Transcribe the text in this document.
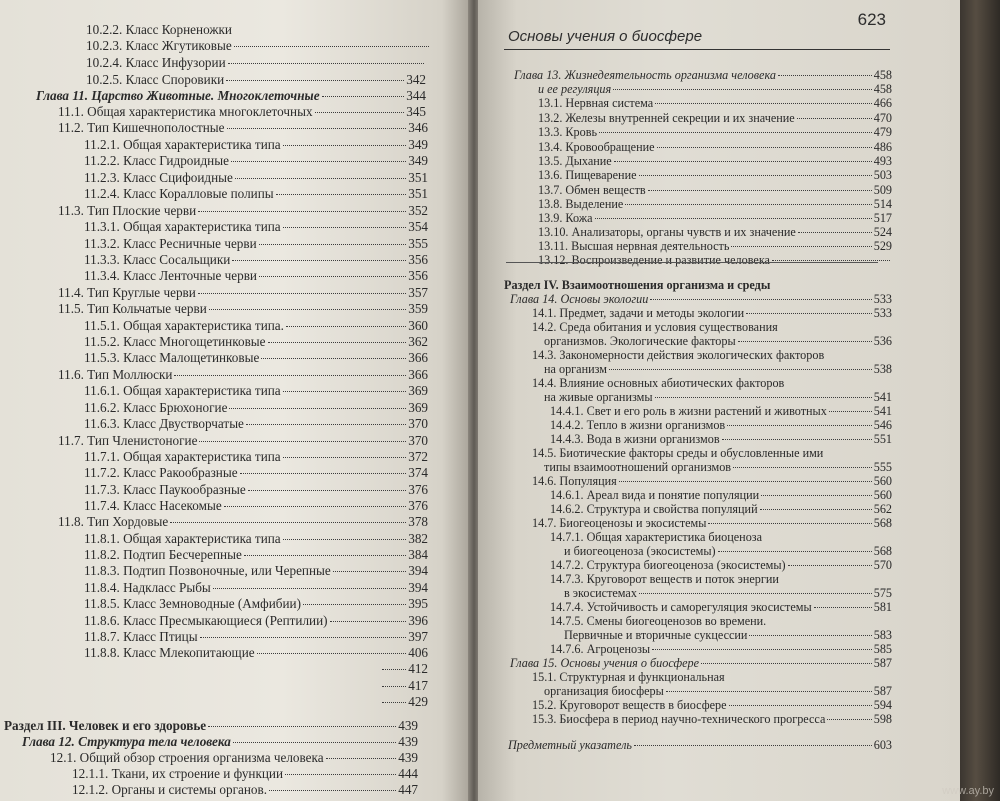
10.2.2. Класс Корненожки
10.2.3. Класс Жгутиковые
10.2.4. Класс Инфузории
10.2.5. Класс Споровики	342
Глава 11. Царство Животные. Многоклеточные	344
11.1. Общая характеристика многоклеточных	345
11.2. Тип Кишечнополостные	346
11.2.1. Общая характеристика типа	349
11.2.2. Класс Гидроидные	349
11.2.3. Класс Сцифоидные	351
11.2.4. Класс Коралловые полипы	351
11.3. Тип Плоские черви	352
11.3.1. Общая характеристика типа	354
11.3.2. Класс Ресничные черви	355
11.3.3. Класс Сосальщики	356
11.3.4. Класс Ленточные черви	356
11.4. Тип Круглые черви	357
11.5. Тип Кольчатые черви	359
11.5.1. Общая характеристика типа.	360
11.5.2. Класс Многощетинковые	362
11.5.3. Класс Малощетинковые	366
11.6. Тип Моллюски	366
11.6.1. Общая характеристика типа	369
11.6.2. Класс Брюхоногие	369
11.6.3. Класс Двустворчатые	370
11.7. Тип Членистоногие	370
11.7.1. Общая характеристика типа	372
11.7.2. Класс Ракообразные	374
11.7.3. Класс Паукообразные	376
11.7.4. Класс Насекомые	376
11.8. Тип Хордовые	378
11.8.1. Общая характеристика типа	382
11.8.2. Подтип Бесчерепные	384
11.8.3. Подтип Позвоночные, или Черепные	394
11.8.4. Надкласс Рыбы	394
11.8.5. Класс Земноводные (Амфибии)	395
11.8.6. Класс Пресмыкающиеся (Рептилии)	396
11.8.7. Класс Птицы	397
11.8.8. Класс Млекопитающие	406
412
417
429
Раздел III. Человек и его здоровье	439
Глава 12. Структура тела человека	439
12.1. Общий обзор строения организма человека	439
12.1.1. Ткани, их строение и функции	444
12.1.2. Органы и системы органов.	447
Основы учения о биосфере
623
Глава 13. Жизнедеятельность организма человека	458
и ее регуляция	458
13.1. Нервная система	466
13.2. Железы внутренней секреции и их значение	470
13.3. Кровь	479
13.4. Кровообращение	486
13.5. Дыхание	493
13.6. Пищеварение	503
13.7. Обмен веществ	509
13.8. Выделение	514
13.9. Кожа	517
13.10. Анализаторы, органы чувств и их значение	524
13.11. Высшая нервная деятельность	529
13.12. Воспроизведение и развитие человека
Раздел IV. Взаимоотношения организма и среды
Глава 14. Основы экологии	533
14.1. Предмет, задачи и методы экологии	533
14.2. Среда обитания и условия существования
организмов. Экологические факторы	536
14.3. Закономерности действия экологических факторов
на организм	538
14.4. Влияние основных абиотических факторов
на живые организмы	541
14.4.1. Свет и его роль в жизни растений и животных	541
14.4.2. Тепло в жизни организмов	546
14.4.3. Вода в жизни организмов	551
14.5. Биотические факторы среды и обусловленные ими
типы взаимоотношений организмов	555
14.6. Популяция	560
14.6.1. Ареал вида и понятие популяции	560
14.6.2. Структура и свойства популяций	562
14.7. Биогеоценозы и экосистемы	568
14.7.1. Общая характеристика биоценоза
и биогеоценоза (экосистемы)	568
14.7.2. Структура биогеоценоза (экосистемы)	570
14.7.3. Круговорот веществ и поток энергии
в экосистемах	575
14.7.4. Устойчивость и саморегуляция экосистемы	581
14.7.5. Смены биогеоценозов во времени.
Первичные и вторичные сукцессии	583
14.7.6. Агроценозы	585
Глава 15. Основы учения о биосфере	587
15.1. Структурная и функциональная
организация биосферы	587
15.2. Круговорот веществ в биосфере	594
15.3. Биосфера в период научно-технического прогресса	598
Предметный указатель	603
www.ay.by
